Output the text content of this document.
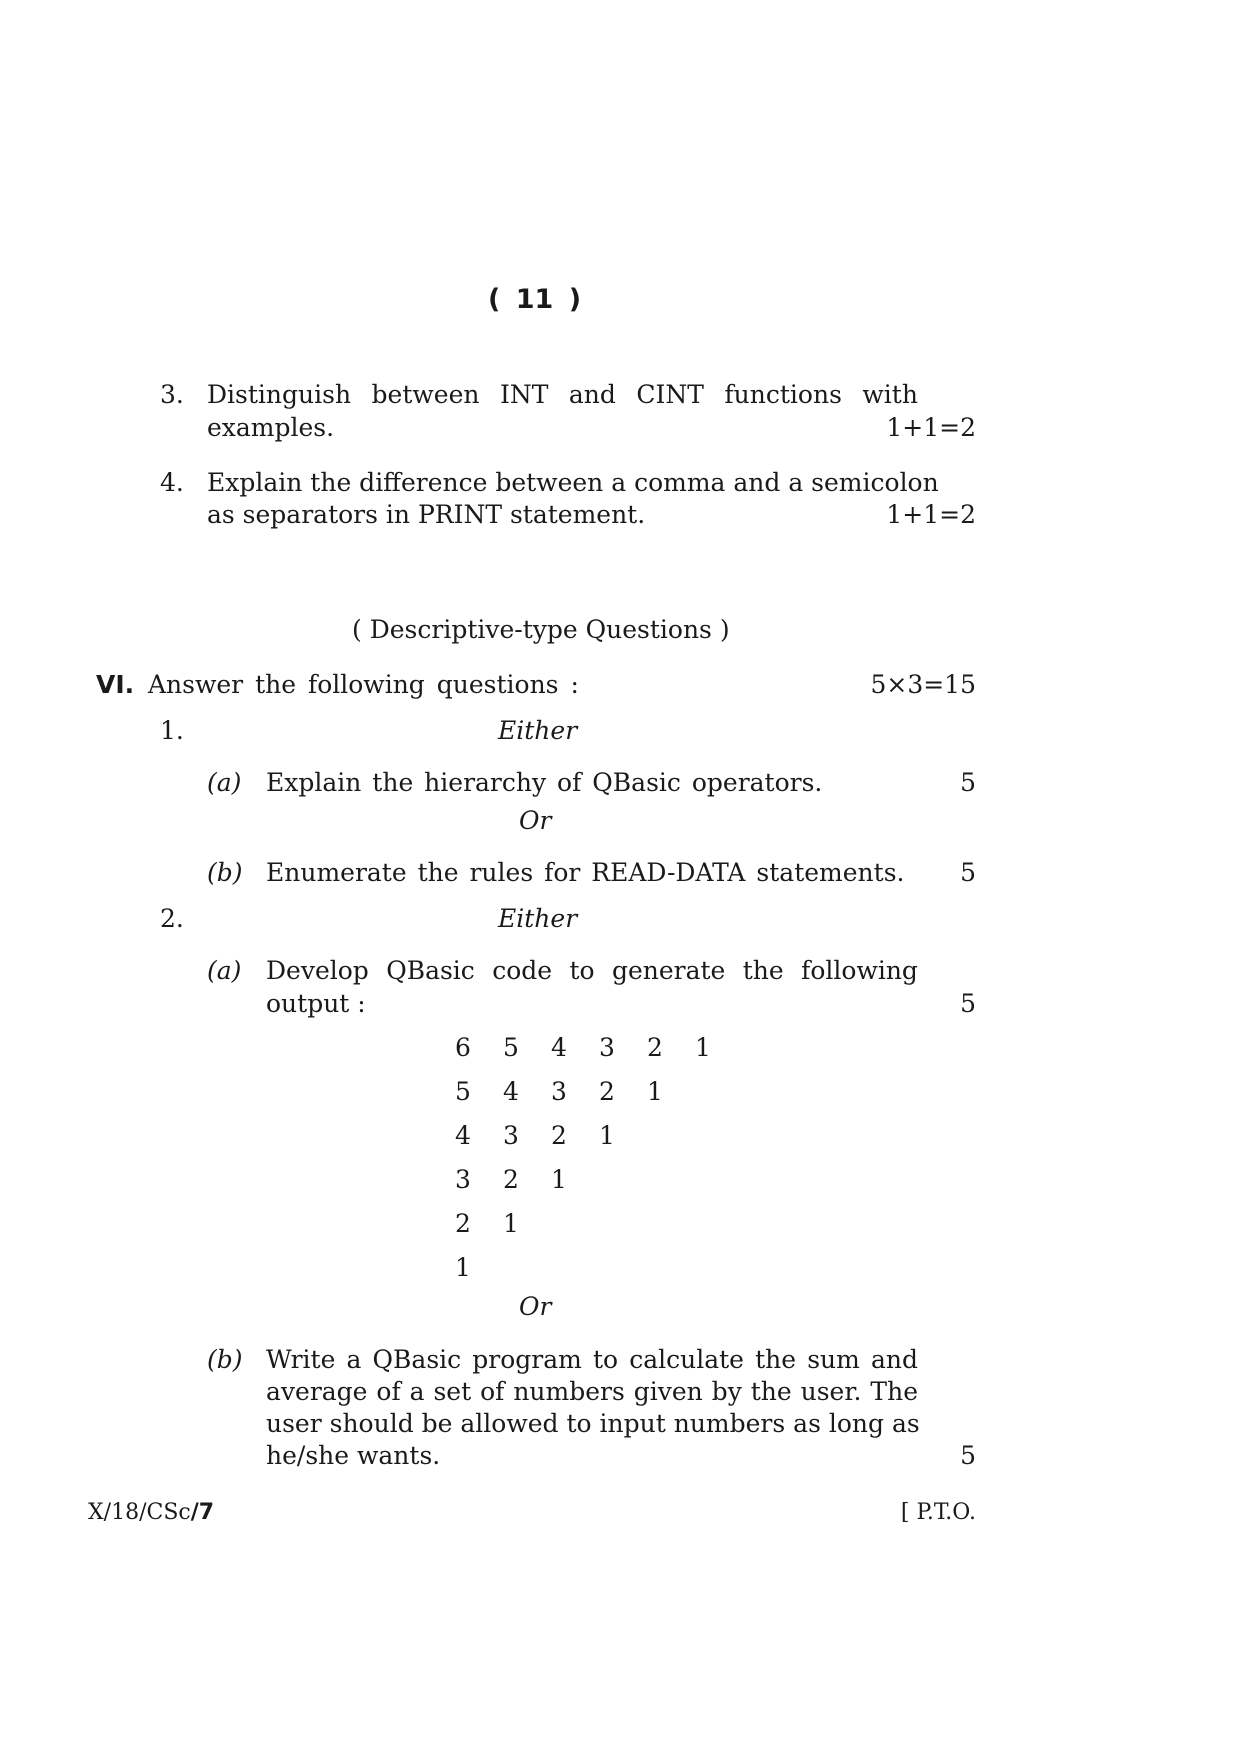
( 11 )
3. Distinguish between INT and CINT functions with
examples.	1+1=2
4. Explain the difference between a comma and a semicolon
as separators in PRINT statement.	1+1=2
( Descriptive-type Questions )
VI. Answer the following questions :	5×3=15
1.	Either
(a) Explain the hierarchy of QBasic operators.	5
Or
(b) Enumerate the rules for READ-DATA statements. 5
2.	Either
(a) Develop QBasic code to generate the following
output :	5
6 5 4 3 2 1
5 4 3 2 1
4 3 2 1
3 2 1
2 1
1
Or
(b) Write a QBasic program to calculate the sum and
average of a set of numbers given by the user. The
user should be allowed to input numbers as long as
he/she wants.	5
X/18/CSc/7	[ P.T.O.
